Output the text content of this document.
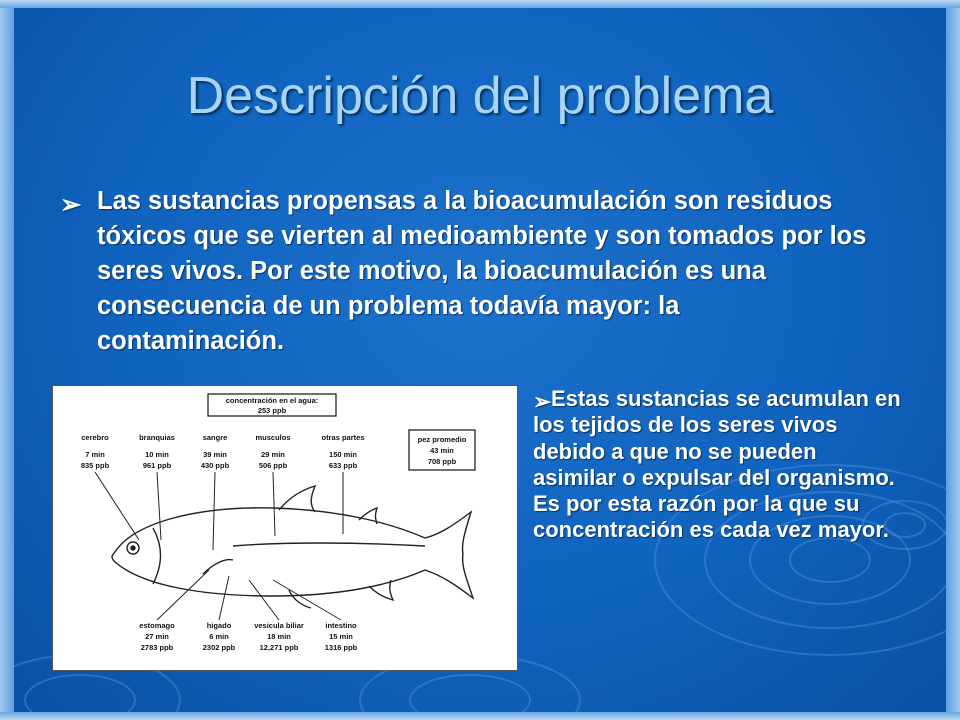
Descripción del problema
➢ Las sustancias propensas a la bioacumulación son residuos tóxicos que se vierten al medioambiente y son tomados por los seres vivos. Por este motivo, la bioacumulación es una consecuencia de un problema todavía mayor: la contaminación.
concentración en el agua:
253 ppb
pez promedio
43 min
708 ppb
cerebro
7 min
835 ppb
branquias
10 min
961 ppb
sangre
39 min
430 ppb
musculos
29 min
506 ppb
otras partes
150 min
633 ppb
estomago
27 min
2783 ppb
higado
6 min
2302 ppb
vesicula biliar
18 min
12,271 ppb
intestino
15 min
1316 ppb
➢ Estas sustancias se acumulan en los tejidos de los seres vivos debido a que no se pueden asimilar o expulsar del organismo. Es por esta razón por la que su concentración es cada vez mayor.
